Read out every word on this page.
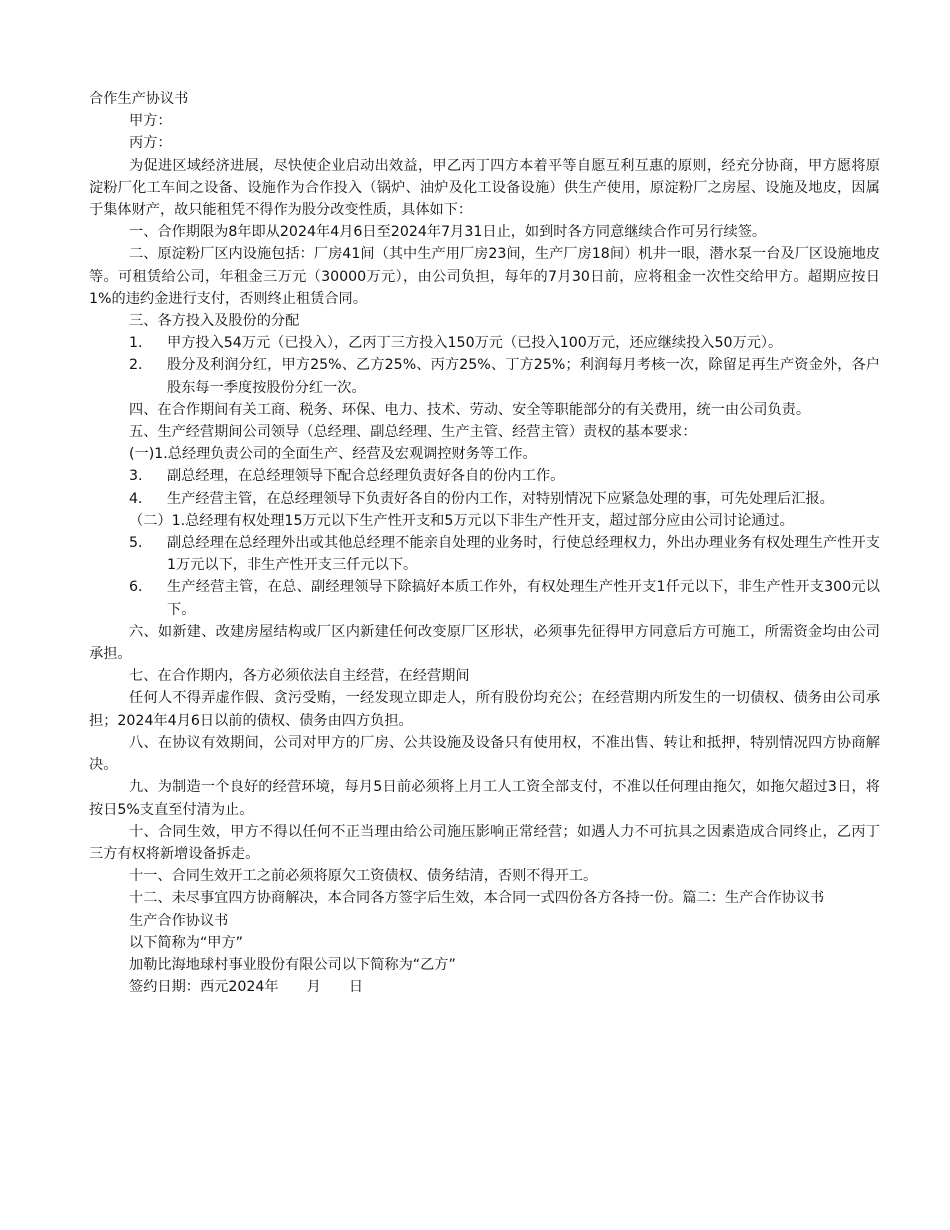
合作生产协议书

甲方：

丙方：

为促进区域经济进展，尽快使企业启动出效益，甲乙丙丁四方本着平等自愿互利互惠的原则，经充分协商，甲方愿将原淀粉厂化工车间之设备、设施作为合作投入（锅炉、油炉及化工设备设施）供生产使用，原淀粉厂之房屋、设施及地皮，因属于集体财产，故只能租凭不得作为股分改变性质，具体如下：

一、合作期限为8年即从2024年4月6日至2024年7月31日止，如到时各方同意继续合作可另行续签。

二、原淀粉厂区内设施包括：厂房41间（其中生产用厂房23间，生产厂房18间）机井一眼，潜水泵一台及厂区设施地皮等。可租赁给公司，年租金三万元（30000万元），由公司负担，每年的7月30日前，应将租金一次性交给甲方。超期应按日1%的违约金进行支付，否则终止租赁合同。

三、各方投入及股份的分配

1．	甲方投入54万元（已投入），乙丙丁三方投入150万元（已投入100万元，还应继续投入50万元）。
2．	股分及利润分红，甲方25%、乙方25%、丙方25%、丁方25%；利润每月考核一次，除留足再生产资金外，各户股东每一季度按股份分红一次。

四、在合作期间有关工商、税务、环保、电力、技术、劳动、安全等职能部分的有关费用，统一由公司负责。

五、生产经营期间公司领导（总经理、副总经理、生产主管、经营主管）责权的基本要求：

(一)1.总经理负责公司的全面生产、经营及宏观调控财务等工作。

3．	副总经理，在总经理领导下配合总经理负责好各自的份内工作。
4．	生产经营主管，在总经理领导下负责好各自的份内工作，对特别情况下应紧急处理的事，可先处理后汇报。

（二）1.总经理有权处理15万元以下生产性开支和5万元以下非生产性开支，超过部分应由公司讨论通过。

5．	副总经理在总经理外出或其他总经理不能亲自处理的业务时，行使总经理权力，外出办理业务有权处理生产性开支1万元以下，非生产性开支三仟元以下。
6．	生产经营主管，在总、副经理领导下除搞好本质工作外，有权处理生产性开支1仟元以下，非生产性开支300元以下。

六、如新建、改建房屋结构或厂区内新建任何改变原厂区形状，必须事先征得甲方同意后方可施工，所需资金均由公司承担。

七、在合作期内，各方必须依法自主经营，在经营期间

任何人不得弄虚作假、贪污受贿，一经发现立即走人，所有股份均充公；在经营期内所发生的一切债权、债务由公司承担；2024年4月6日以前的债权、债务由四方负担。

八、在协议有效期间，公司对甲方的厂房、公共设施及设备只有使用权，不准出售、转让和抵押，特别情况四方协商解决。

九、为制造一个良好的经营环境，每月5日前必须将上月工人工资全部支付，不准以任何理由拖欠，如拖欠超过3日，将按日5%支直至付清为止。

十、合同生效，甲方不得以任何不正当理由给公司施压影响正常经营；如遇人力不可抗具之因素造成合同终止，乙丙丁三方有权将新增设备拆走。

十一、合同生效开工之前必须将原欠工资债权、债务结清，否则不得开工。

十二、未尽事宜四方协商解决，本合同各方签字后生效，本合同一式四份各方各持一份。篇二：生产合作协议书

生产合作协议书

以下简称为“甲方”

加勒比海地球村事业股份有限公司以下简称为“乙方”

签约日期：西元2024年 月 日
